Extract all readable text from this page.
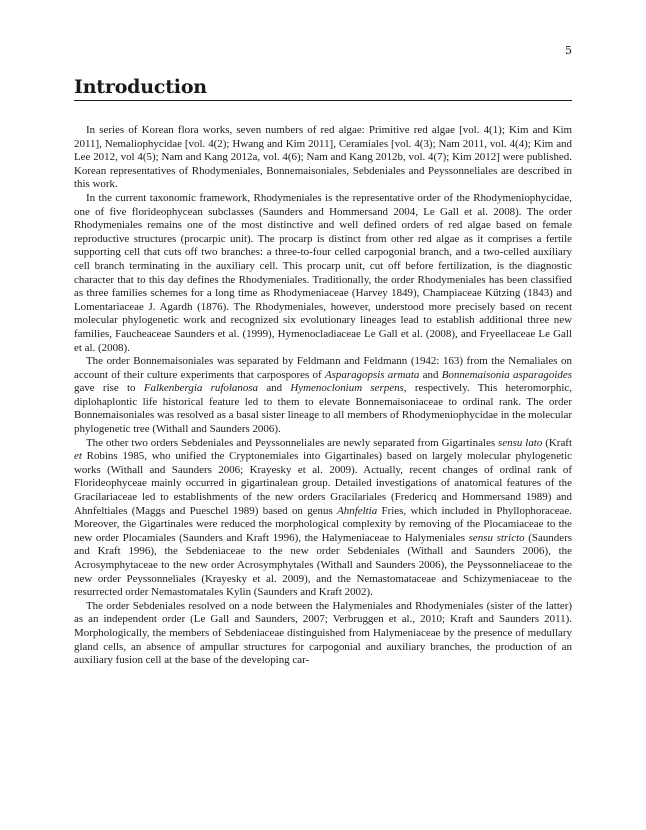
5
Introduction

In series of Korean flora works, seven numbers of red algae: Primitive red algae [vol. 4(1); Kim and Kim 2011], Nemaliophycidae [vol. 4(2); Hwang and Kim 2011], Ceramiales [vol. 4(3); Nam 2011, vol. 4(4); Kim and Lee 2012, vol 4(5); Nam and Kang 2012a, vol. 4(6); Nam and Kang 2012b, vol. 4(7); Kim 2012] were published. Korean representatives of Rhodymeniales, Bonnemaisoniales, Sebdeniales and Peyssonneliales are described in this work.

In the current taxonomic framework, Rhodymeniales is the representative order of the Rhodymeniophycidae, one of five florideophycean subclasses (Saunders and Hommersand 2004, Le Gall et al. 2008). The order Rhodymeniales remains one of the most distinctive and well defined orders of red algae based on female reproductive structures (procarpic unit). The procarp is distinct from other red algae as it comprises a fertile supporting cell that cuts off two branches: a three-to-four celled carpogonial branch, and a two-celled auxiliary cell branch terminating in the auxiliary cell. This procarp unit, cut off before fertilization, is the diagnostic character that to this day defines the Rhodymeniales. Traditionally, the order Rhodymeniales has been classified as three families schemes for a long time as Rhodymeniaceae (Harvey 1849), Champiaceae Kützing (1843) and Lomentariaceae J. Agardh (1876). The Rhodymeniales, however, understood more precisely based on recent molecular phylogenetic work and recognized six evolutionary lineages lead to establish additional three new families, Faucheaceae Saunders et al. (1999), Hymenocladiaceae Le Gall et al. (2008), and Fryeellaceae Le Gall et al. (2008).

The order Bonnemaisoniales was separated by Feldmann and Feldmann (1942: 163) from the Nemaliales on account of their culture experiments that carpospores of Asparagopsis armata and Bonnemaisonia asparagoides gave rise to Falkenbergia rufolanosa and Hymenoclonium serpens, respectively. This heteromorphic, diplohaplontic life historical feature led to them to elevate Bonnemaisoniaceae to ordinal rank. The order Bonnemaisoniales was resolved as a basal sister lineage to all members of Rhodymeniophycidae in the molecular phylogenetic tree (Withall and Saunders 2006).

The other two orders Sebdeniales and Peyssonneliales are newly separated from Gigartinales sensu lato (Kraft et Robins 1985, who unified the Cryptonemiales into Gigartinales) based on largely molecular phylogenetic works (Withall and Saunders 2006; Krayesky et al. 2009). Actually, recent changes of ordinal rank of Florideophyceae mainly occurred in gigartinalean group. Detailed investigations of anatomical features of the Gracilariaceae led to establishments of the new orders Gracilariales (Fredericq and Hommersand 1989) and Ahnfeltiales (Maggs and Pueschel 1989) based on genus Ahnfeltia Fries, which included in Phyllophoraceae. Moreover, the Gigartinales were reduced the morphological complexity by removing of the Plocamiaceae to the new order Plocamiales (Saunders and Kraft 1996), the Halymeniaceae to Halymeniales sensu stricto (Saunders and Kraft 1996), the Sebdeniaceae to the new order Sebdeniales (Withall and Saunders 2006), the Acrosymphytaceae to the new order Acrosymphytales (Withall and Saunders 2006), the Peyssonneliaceae to the new order Peyssonneliales (Krayesky et al. 2009), and the Nemastomataceae and Schizymeniaceae to the resurrected order Nemastomatales Kylin (Saunders and Kraft 2002).

The order Sebdeniales resolved on a node between the Halymeniales and Rhodymeniales (sister of the latter) as an independent order (Le Gall and Saunders, 2007; Verbruggen et al., 2010; Kraft and Saunders 2011). Morphologically, the members of Sebdeniaceae distinguished from Halymeniaceae by the presence of medullary gland cells, an absence of ampullar structures for carpogonial and auxiliary branches, the production of an auxiliary fusion cell at the base of the developing car-
